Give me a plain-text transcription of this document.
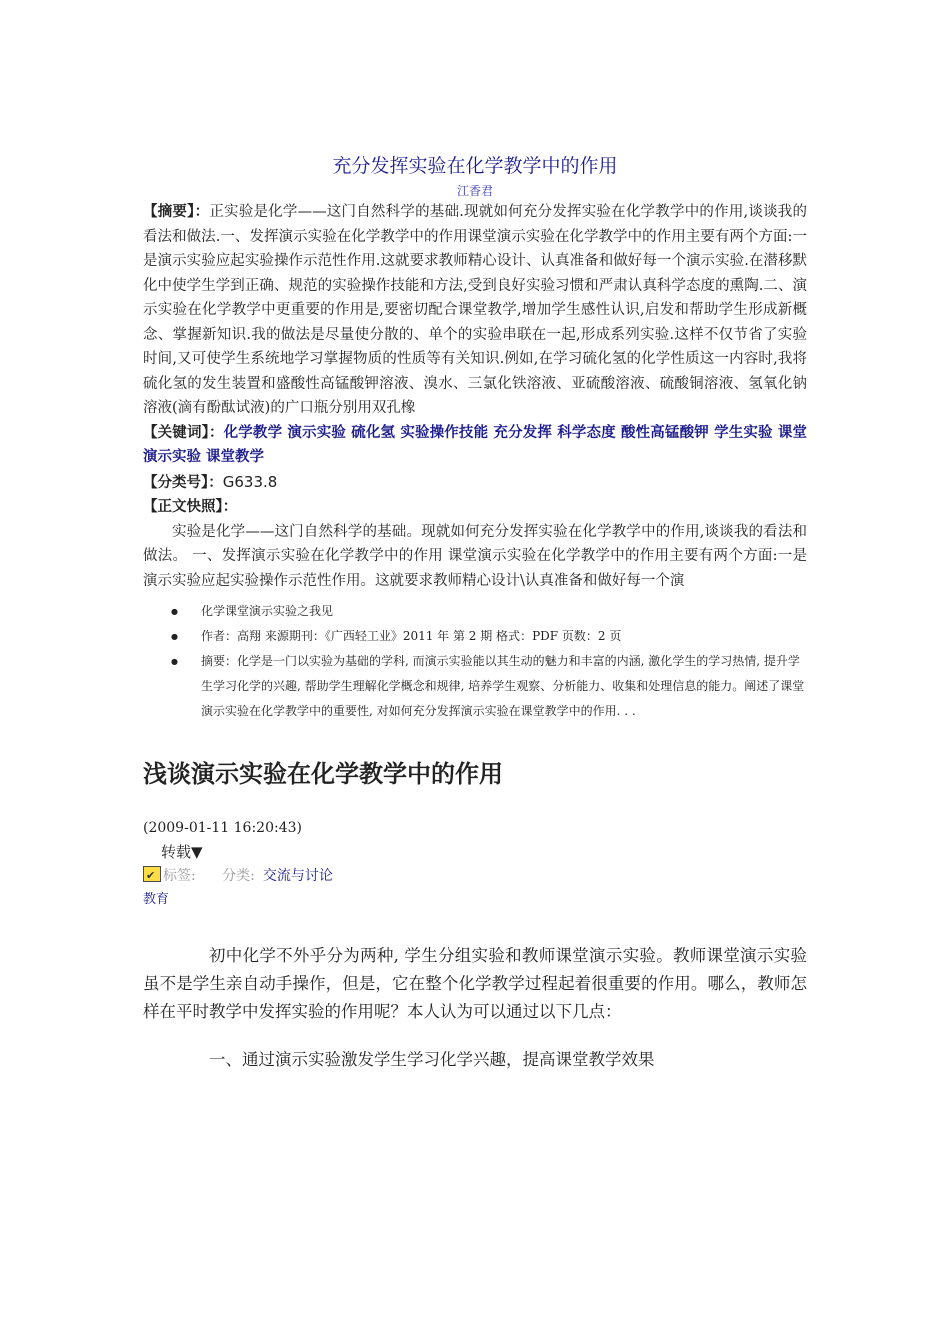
充分发挥实验在化学教学中的作用
江香君
【摘要】：正实验是化学——这门自然科学的基础.现就如何充分发挥实验在化学教学中的作用,谈谈我的看法和做法.一、发挥演示实验在化学教学中的作用课堂演示实验在化学教学中的作用主要有两个方面:一是演示实验应起实验操作示范性作用.这就要求教师精心设计、认真准备和做好每一个演示实验.在潜移默化中使学生学到正确、规范的实验操作技能和方法,受到良好实验习惯和严肃认真科学态度的熏陶.二、演示实验在化学教学中更重要的作用是,要密切配合课堂教学,增加学生感性认识,启发和帮助学生形成新概念、掌握新知识.我的做法是尽量使分散的、单个的实验串联在一起,形成系列实验.这样不仅节省了实验时间,又可使学生系统地学习掌握物质的性质等有关知识.例如,在学习硫化氢的化学性质这一内容时,我将硫化氢的发生装置和盛酸性高锰酸钾溶液、溴水、三氯化铁溶液、亚硫酸溶液、硫酸铜溶液、氢氧化钠溶液(滴有酚酞试液)的广口瓶分别用双孔橡
【关键词】：化学教学 演示实验 硫化氢 实验操作技能 充分发挥 科学态度 酸性高锰酸钾 学生实验 课堂演示实验 课堂教学
【分类号】：G633.8
【正文快照】：
实验是化学——这门自然科学的基础。现就如何充分发挥实验在化学教学中的作用,谈谈我的看法和做法。 一、发挥演示实验在化学教学中的作用 课堂演示实验在化学教学中的作用主要有两个方面:一是演示实验应起实验操作示范性作用。这就要求教师精心设计\认真准备和做好每一个演
● 化学课堂演示实验之我见
● 作者：高翔 来源期刊：《广西轻工业》2011 年 第 2 期 格式：PDF 页数：2 页
● 摘要：化学是一门以实验为基础的学科, 而演示实验能以其生动的魅力和丰富的内涵, 激化学生的学习热情, 提升学生学习化学的兴趣, 帮助学生理解化学概念和规律, 培养学生观察、分析能力、收集和处理信息的能力。阐述了课堂演示实验在化学教学中的重要性, 对如何充分发挥演示实验在课堂教学中的作用. . .
浅谈演示实验在化学教学中的作用
(2009-01-11 16:20:43)
转载▼
✔标签: 分类: 交流与讨论
教育
初中化学不外乎分为两种, 学生分组实验和教师课堂演示实验。教师课堂演示实验虽不是学生亲自动手操作，但是，它在整个化学教学过程起着很重要的作用。哪么，教师怎样在平时教学中发挥实验的作用呢？本人认为可以通过以下几点：
一、通过演示实验激发学生学习化学兴趣，提高课堂教学效果
